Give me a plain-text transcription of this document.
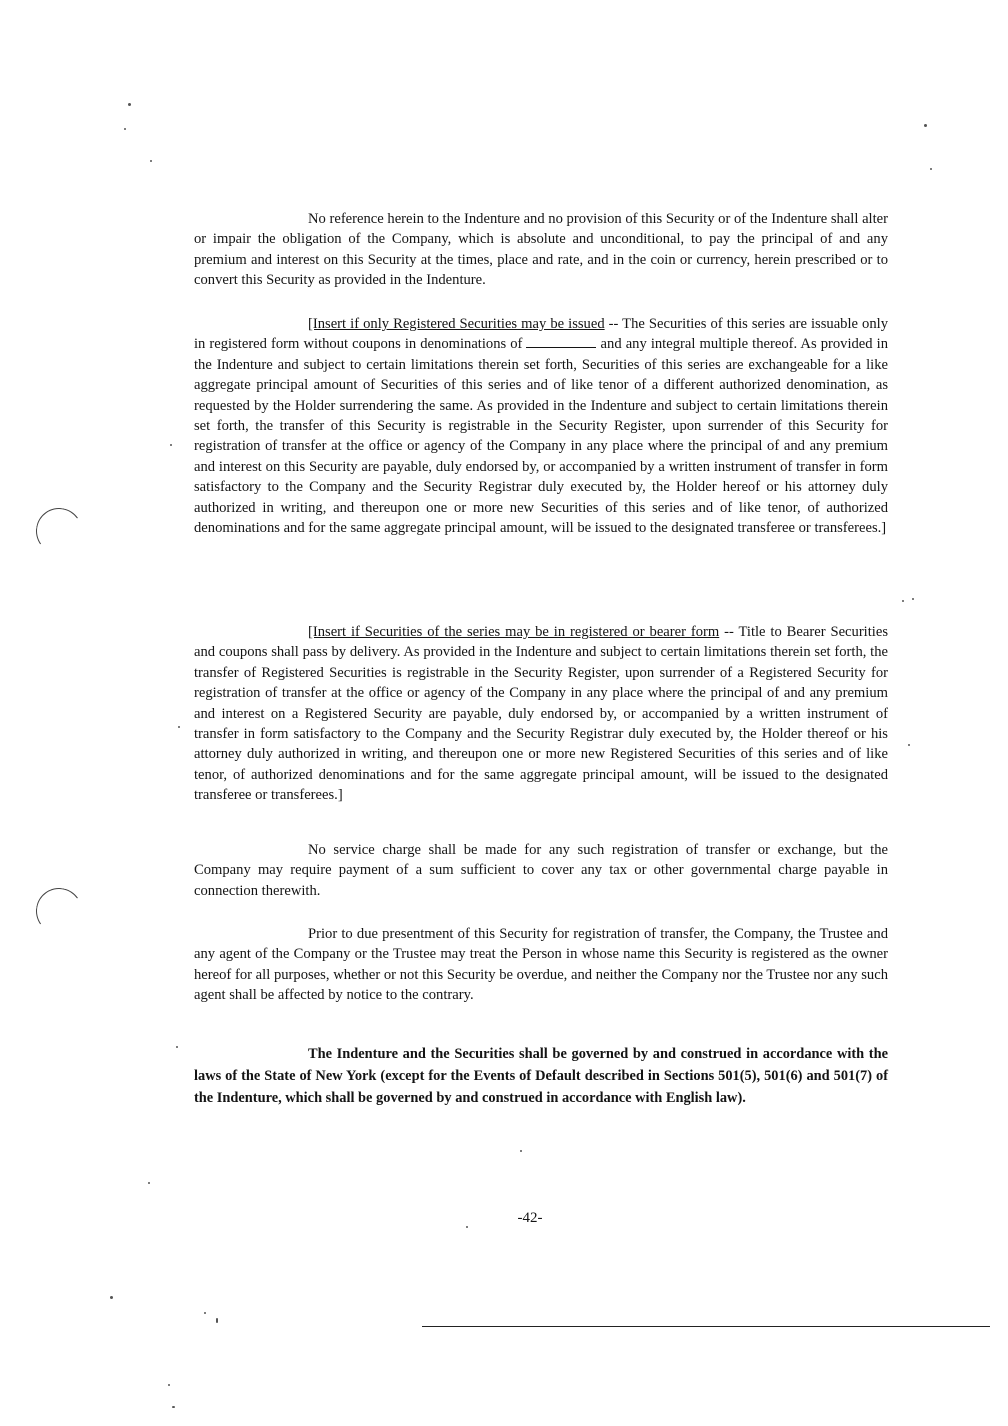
No reference herein to the Indenture and no provision of this Security or of the Indenture shall alter or impair the obligation of the Company, which is absolute and unconditional, to pay the principal of and any premium and interest on this Security at the times, place and rate, and in the coin or currency, herein prescribed or to convert this Security as provided in the Indenture.

[Insert if only Registered Securities may be issued -- The Securities of this series are issuable only in registered form without coupons in denominations of	and any integral multiple thereof. As provided in the Indenture and subject to certain limitations therein set forth, Securities of this series are exchangeable for a like aggregate principal amount of Securities of this series and of like tenor of a different authorized denomination, as requested by the Holder surrendering the same. As provided in the Indenture and subject to certain limitations therein set forth, the transfer of this Security is registrable in the Security Register, upon surrender of this Security for registration of transfer at the office or agency of the Company in any place where the principal of and any premium and interest on this Security are payable, duly endorsed by, or accompanied by a written instrument of transfer in form satisfactory to the Company and the Security Registrar duly executed by, the Holder hereof or his attorney duly authorized in writing, and thereupon one or more new Securities of this series and of like tenor, of authorized denominations and for the same aggregate principal amount, will be issued to the designated transferee or transferees.]

[Insert if Securities of the series may be in registered or bearer form -- Title to Bearer Securities and coupons shall pass by delivery. As provided in the Indenture and subject to certain limitations therein set forth, the transfer of Registered Securities is registrable in the Security Register, upon surrender of a Registered Security for registration of transfer at the office or agency of the Company in any place where the principal of and any premium and interest on a Registered Security are payable, duly endorsed by, or accompanied by a written instrument of transfer in form satisfactory to the Company and the Security Registrar duly executed by, the Holder thereof or his attorney duly authorized in writing, and thereupon one or more new Registered Securities of this series and of like tenor, of authorized denominations and for the same aggregate principal amount, will be issued to the designated transferee or transferees.]

No service charge shall be made for any such registration of transfer or exchange, but the Company may require payment of a sum sufficient to cover any tax or other governmental charge payable in connection therewith.

Prior to due presentment of this Security for registration of transfer, the Company, the Trustee and any agent of the Company or the Trustee may treat the Person in whose name this Security is registered as the owner hereof for all purposes, whether or not this Security be overdue, and neither the Company nor the Trustee nor any such agent shall be affected by notice to the contrary.

The Indenture and the Securities shall be governed by and construed in accordance with the laws of the State of New York (except for the Events of Default described in Sections 501(5), 501(6) and 501(7) of the Indenture, which shall be governed by and construed in accordance with English law).

-42-
